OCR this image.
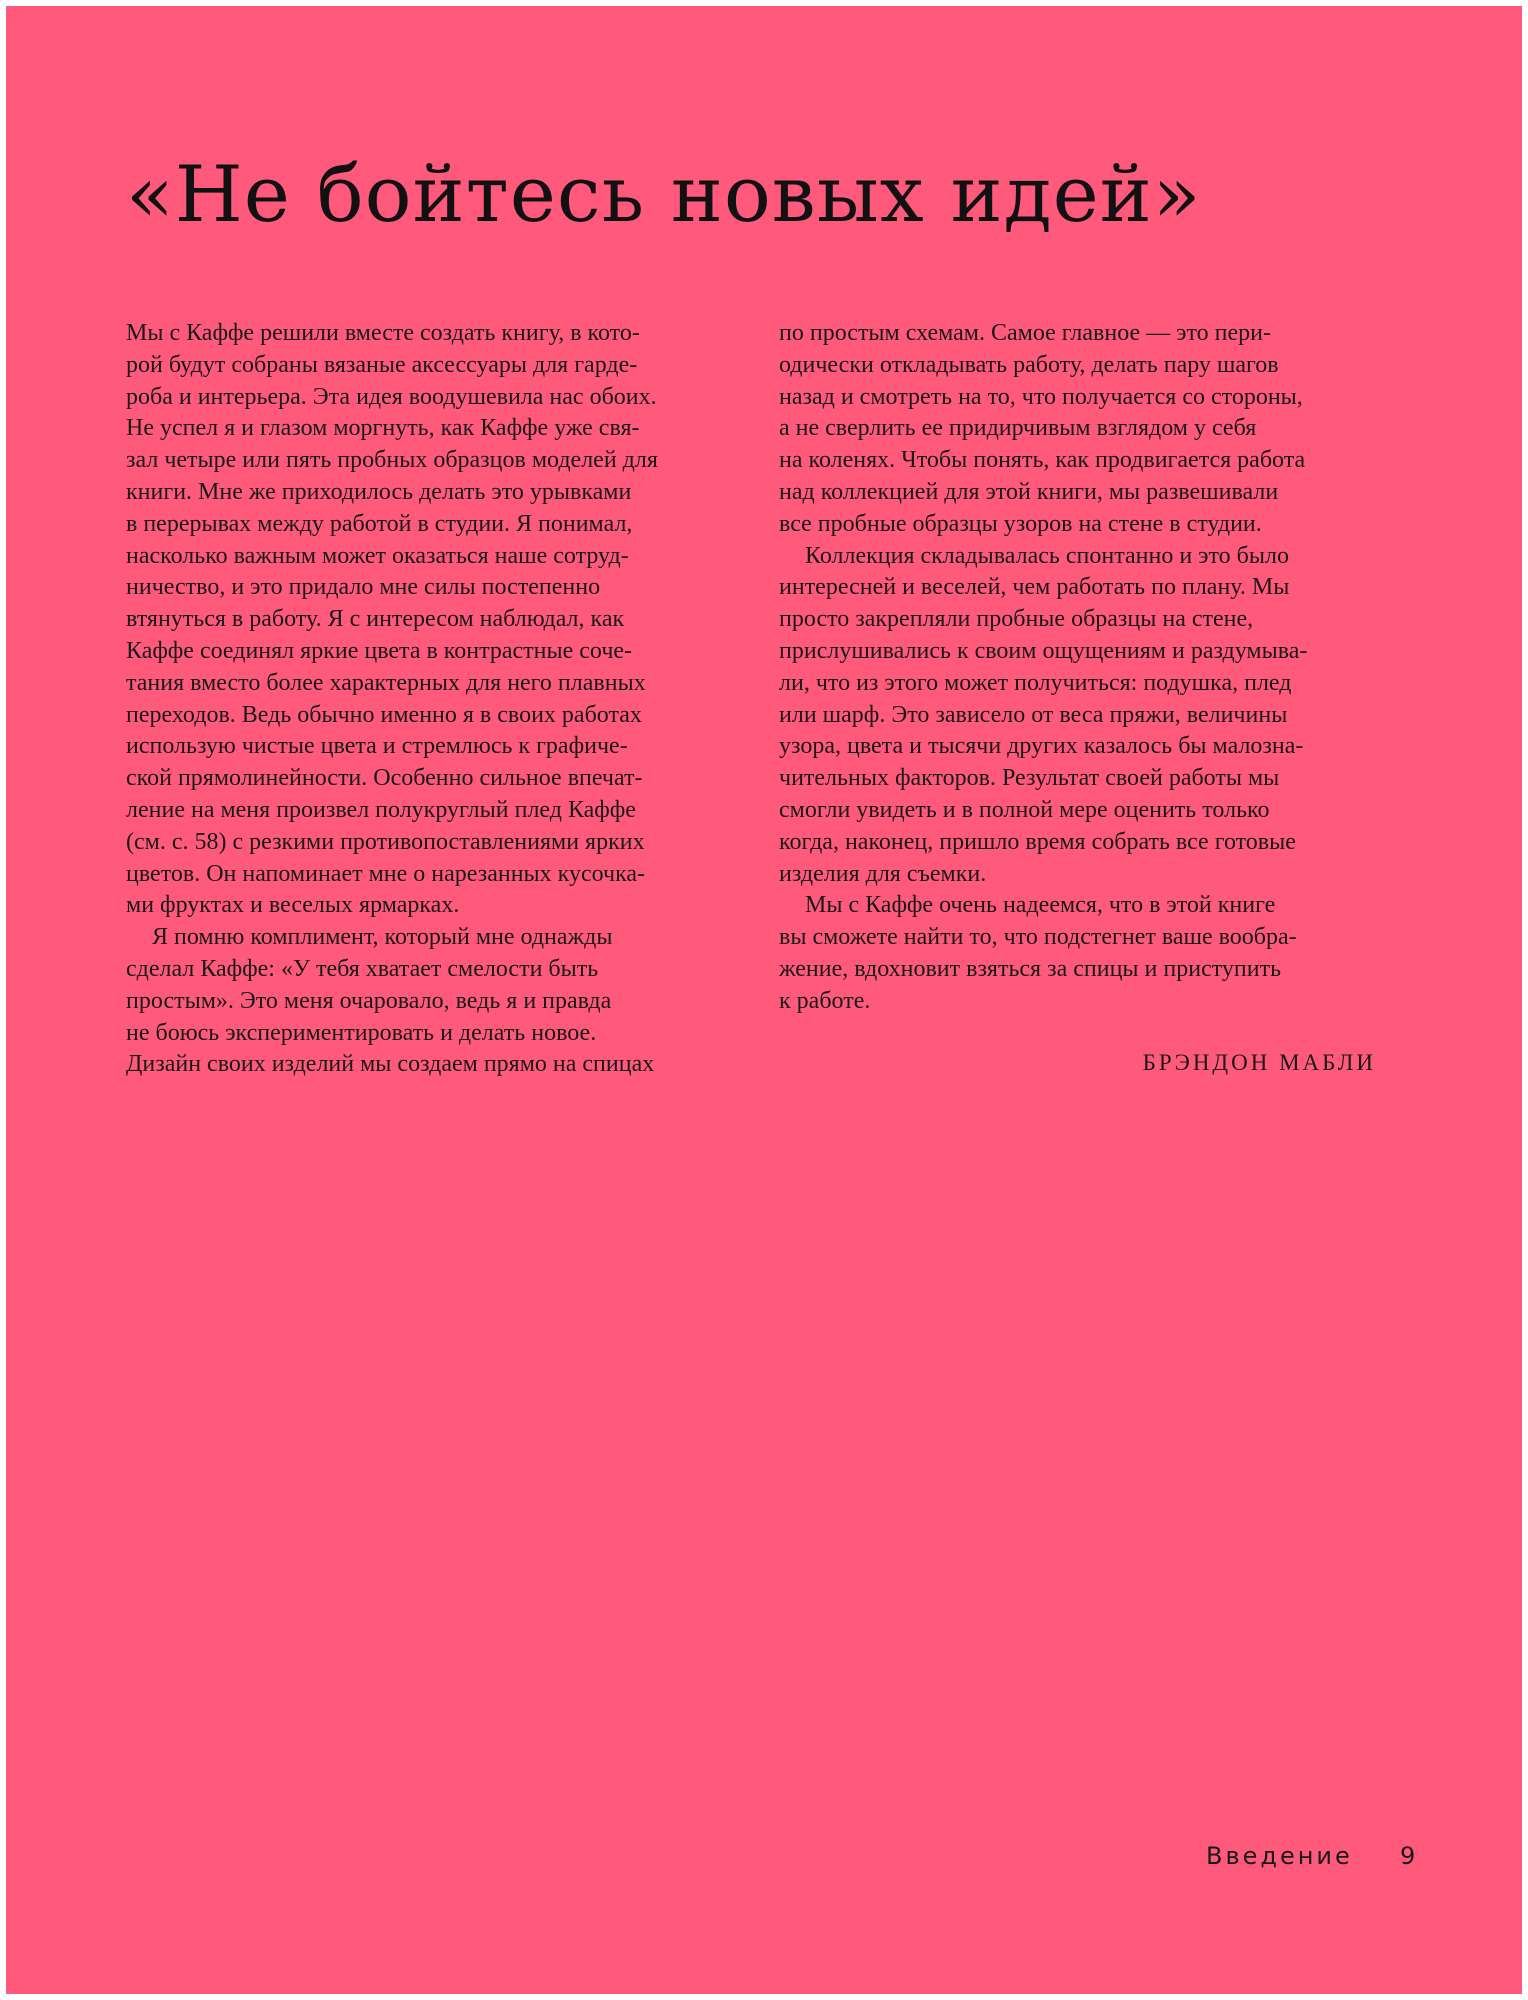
«Не бойтесь новых идей»
Мы с Каффе решили вместе создать книгу, в кото-
рой будут собраны вязаные аксессуары для гарде-
роба и интерьера. Эта идея воодушевила нас обоих.
Не успел я и глазом моргнуть, как Каффе уже свя-
зал четыре или пять пробных образцов моделей для
книги. Мне же приходилось делать это урывками
в перерывах между работой в студии. Я понимал,
насколько важным может оказаться наше сотруд-
ничество, и это придало мне силы постепенно
втянуться в работу. Я с интересом наблюдал, как
Каффе соединял яркие цвета в контрастные соче-
тания вместо более характерных для него плавных
переходов. Ведь обычно именно я в своих работах
использую чистые цвета и стремлюсь к графиче-
ской прямолинейности. Особенно сильное впечат-
ление на меня произвел полукруглый плед Каффе
(см. с. 58) с резкими противопоставлениями ярких
цветов. Он напоминает мне о нарезанных кусочка-
ми фруктах и веселых ярмарках.
Я помню комплимент, который мне однажды
сделал Каффе: «У тебя хватает смелости быть
простым». Это меня очаровало, ведь я и правда
не боюсь экспериментировать и делать новое.
Дизайн своих изделий мы создаем прямо на спицах
по простым схемам. Самое главное — это пери-
одически откладывать работу, делать пару шагов
назад и смотреть на то, что получается со стороны,
а не сверлить ее придирчивым взглядом у себя
на коленях. Чтобы понять, как продвигается работа
над коллекцией для этой книги, мы развешивали
все пробные образцы узоров на стене в студии.
Коллекция складывалась спонтанно и это было
интересней и веселей, чем работать по плану. Мы
просто закрепляли пробные образцы на стене,
прислушивались к своим ощущениям и раздумыва-
ли, что из этого может получиться: подушка, плед
или шарф. Это зависело от веса пряжи, величины
узора, цвета и тысячи других казалось бы малозна-
чительных факторов. Результат своей работы мы
смогли увидеть и в полной мере оценить только
когда, наконец, пришло время собрать все готовые
изделия для съемки.
Мы с Каффе очень надеемся, что в этой книге
вы сможете найти то, что подстегнет ваше вообра-
жение, вдохновит взяться за спицы и приступить
к работе.
БРЭНДОН МАБЛИ
Введение 9
